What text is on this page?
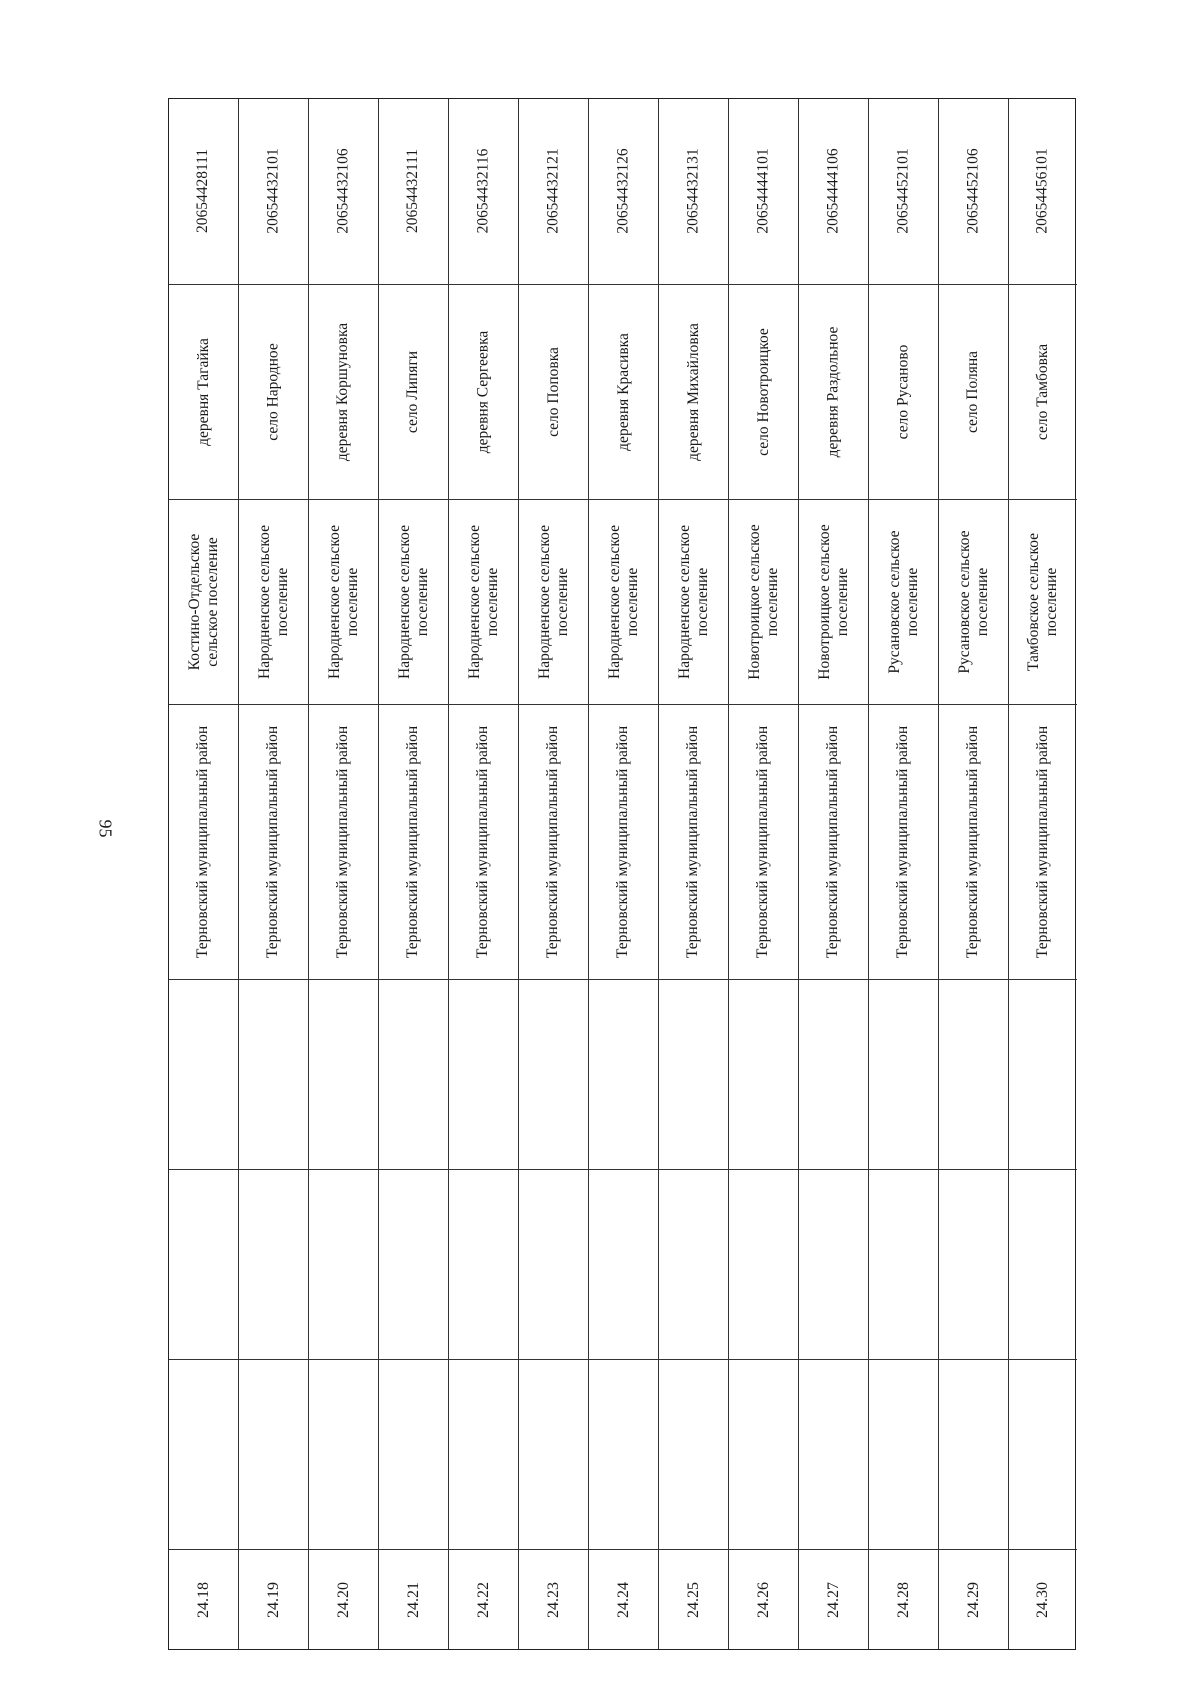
95
24.18
Терновский муниципальный район
Костино-Отдельское сельское поселение
деревня Тагайка
20654428111
24.19
Терновский муниципальный район
Народненское сельское поселение
село Народное
20654432101
24.20
Терновский муниципальный район
Народненское сельское поселение
деревня Коршуновка
20654432106
24.21
Терновский муниципальный район
Народненское сельское поселение
село Липяги
20654432111
24.22
Терновский муниципальный район
Народненское сельское поселение
деревня Сергеевка
20654432116
24.23
Терновский муниципальный район
Народненское сельское поселение
село Поповка
20654432121
24.24
Терновский муниципальный район
Народненское сельское поселение
деревня Красивка
20654432126
24.25
Терновский муниципальный район
Народненское сельское поселение
деревня Михайловка
20654432131
24.26
Терновский муниципальный район
Новотроицкое сельское поселение
село Новотроицкое
20654444101
24.27
Терновский муниципальный район
Новотроицкое сельское поселение
деревня Раздольное
20654444106
24.28
Терновский муниципальный район
Русановское сельское поселение
село Русаново
20654452101
24.29
Терновский муниципальный район
Русановское сельское поселение
село Поляна
20654452106
24.30
Терновский муниципальный район
Тамбовское сельское поселение
село Тамбовка
20654456101
